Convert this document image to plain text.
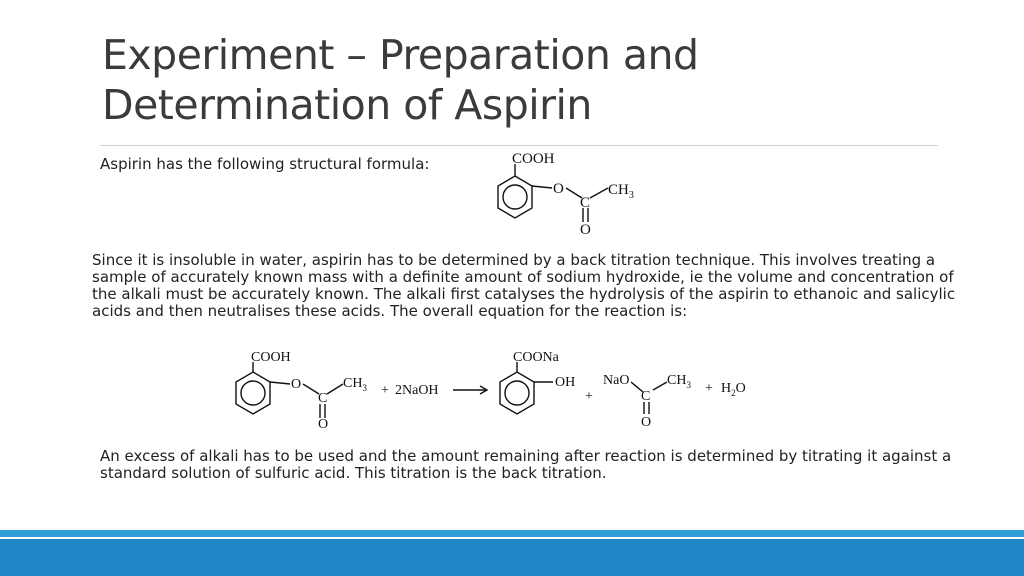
Experiment – Preparation and Determination of Aspirin
Aspirin has the following structural formula:	COOH
O	$CH_3$
C
O
Since it is insoluble in water, aspirin has to be determined by a back titration technique. This involves treating a sample of accurately known mass with a definite amount of sodium hydroxide, ie the volume and concentration of the alkali must be accurately known. The alkali first catalyses the hydrolysis of the aspirin to ethanoic and salicylic acids and then neutralises these acids. The overall equation for the reaction is:
COOH
O	$CH_3$
C
O
+ 2NaOH
COONa
OH
+
NaO
C
O
$CH_3 + H_2O$
An excess of alkali has to be used and the amount remaining after reaction is determined by titrating it against a standard solution of sulfuric acid. This titration is the back titration.
